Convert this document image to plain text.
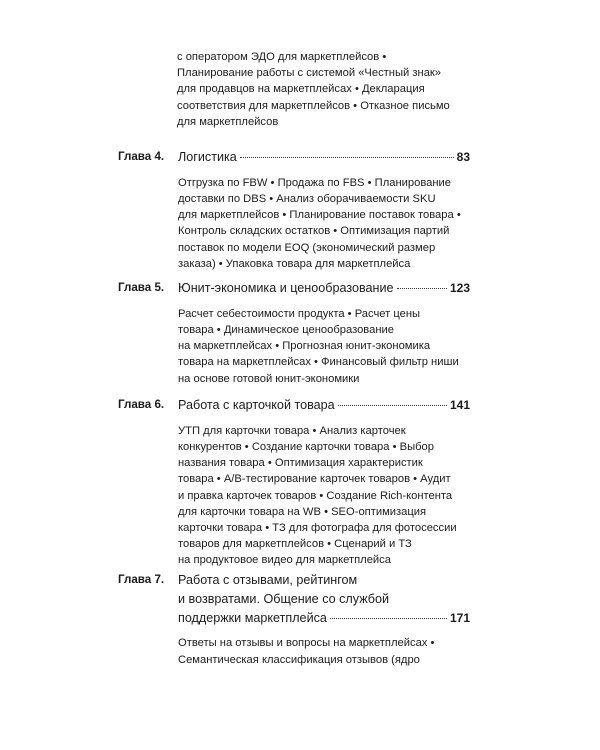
с оператором ЭДО для маркетплейсов •

Планирование работы с системой «Честный знак»

для продавцов на маркетплейсах • Декларация

соответствия для маркетплейсов • Отказное письмо

для маркетплейсов

Глава 4.	Логистика	83

Отгрузка по FBW • Продажа по FBS • Планирование

доставки по DBS • Анализ оборачиваемости SKU

для маркетплейсов • Планирование поставок товара •

Контроль складских остатков • Оптимизация партий

поставок по модели EOQ (экономический размер

заказа) • Упаковка товара для маркетплейса

Глава 5.	Юнит-экономика и ценообразование	123

Расчет себестоимости продукта • Расчет цены

товара • Динамическое ценообразование

на маркетплейсах • Прогнозная юнит-экономика

товара на маркетплейсах • Финансовый фильтр ниши

на основе готовой юнит-экономики

Глава 6.	Работа с карточкой товара	141

УТП для карточки товара • Анализ карточек

конкурентов • Создание карточки товара • Выбор

названия товара • Оптимизация характеристик

товара • A/B-тестирование карточек товаров • Аудит

и правка карточек товаров • Создание Rich-контента

для карточки товара на WB • SEO-оптимизация

карточки товара • ТЗ для фотографа для фотосессии

товаров для маркетплейсов • Сценарий и ТЗ

на продуктовое видео для маркетплейса

Глава 7.	Работа с отзывами, рейтингом
и возвратами. Общение со службой
поддержки маркетплейса	171

Ответы на отзывы и вопросы на маркетплейсах •

Семантическая классификация отзывов (ядро
